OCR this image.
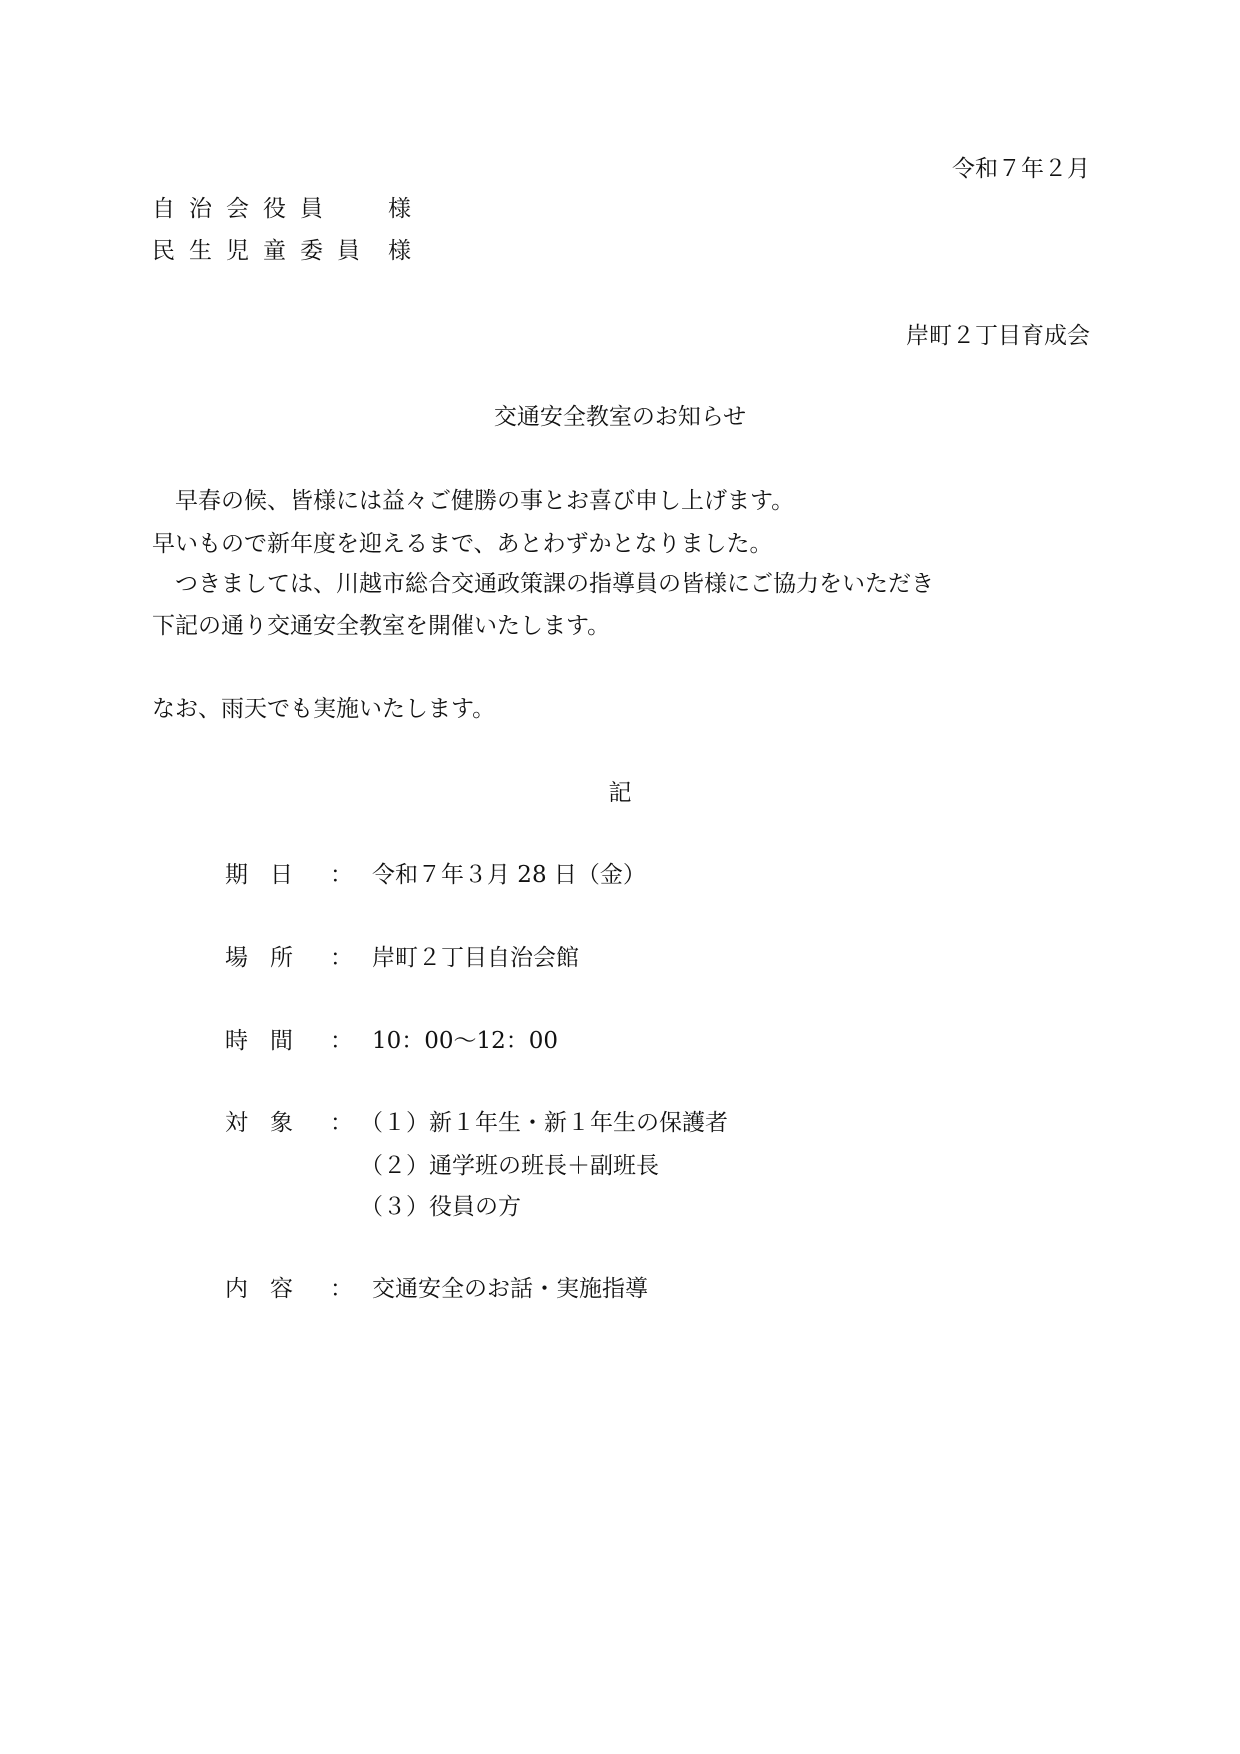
令和７年２月
自治会役員 様
民生児童委員 様
岸町２丁目育成会
交通安全教室のお知らせ
　早春の候、皆様には益々ご健勝の事とお喜び申し上げます。
早いもので新年度を迎えるまで、あとわずかとなりました。
　つきましては、川越市総合交通政策課の指導員の皆様にご協力をいただき
下記の通り交通安全教室を開催いたします。
なお、雨天でも実施いたします。
記
期日 ： 令和７年３月 28 日（金）
場所 ： 岸町２丁目自治会館
時間 ： 10：00〜12：00
対象 ： （１）新１年生・新１年生の保護者
（２）通学班の班長＋副班長
（３）役員の方
内容 ： 交通安全のお話・実施指導
